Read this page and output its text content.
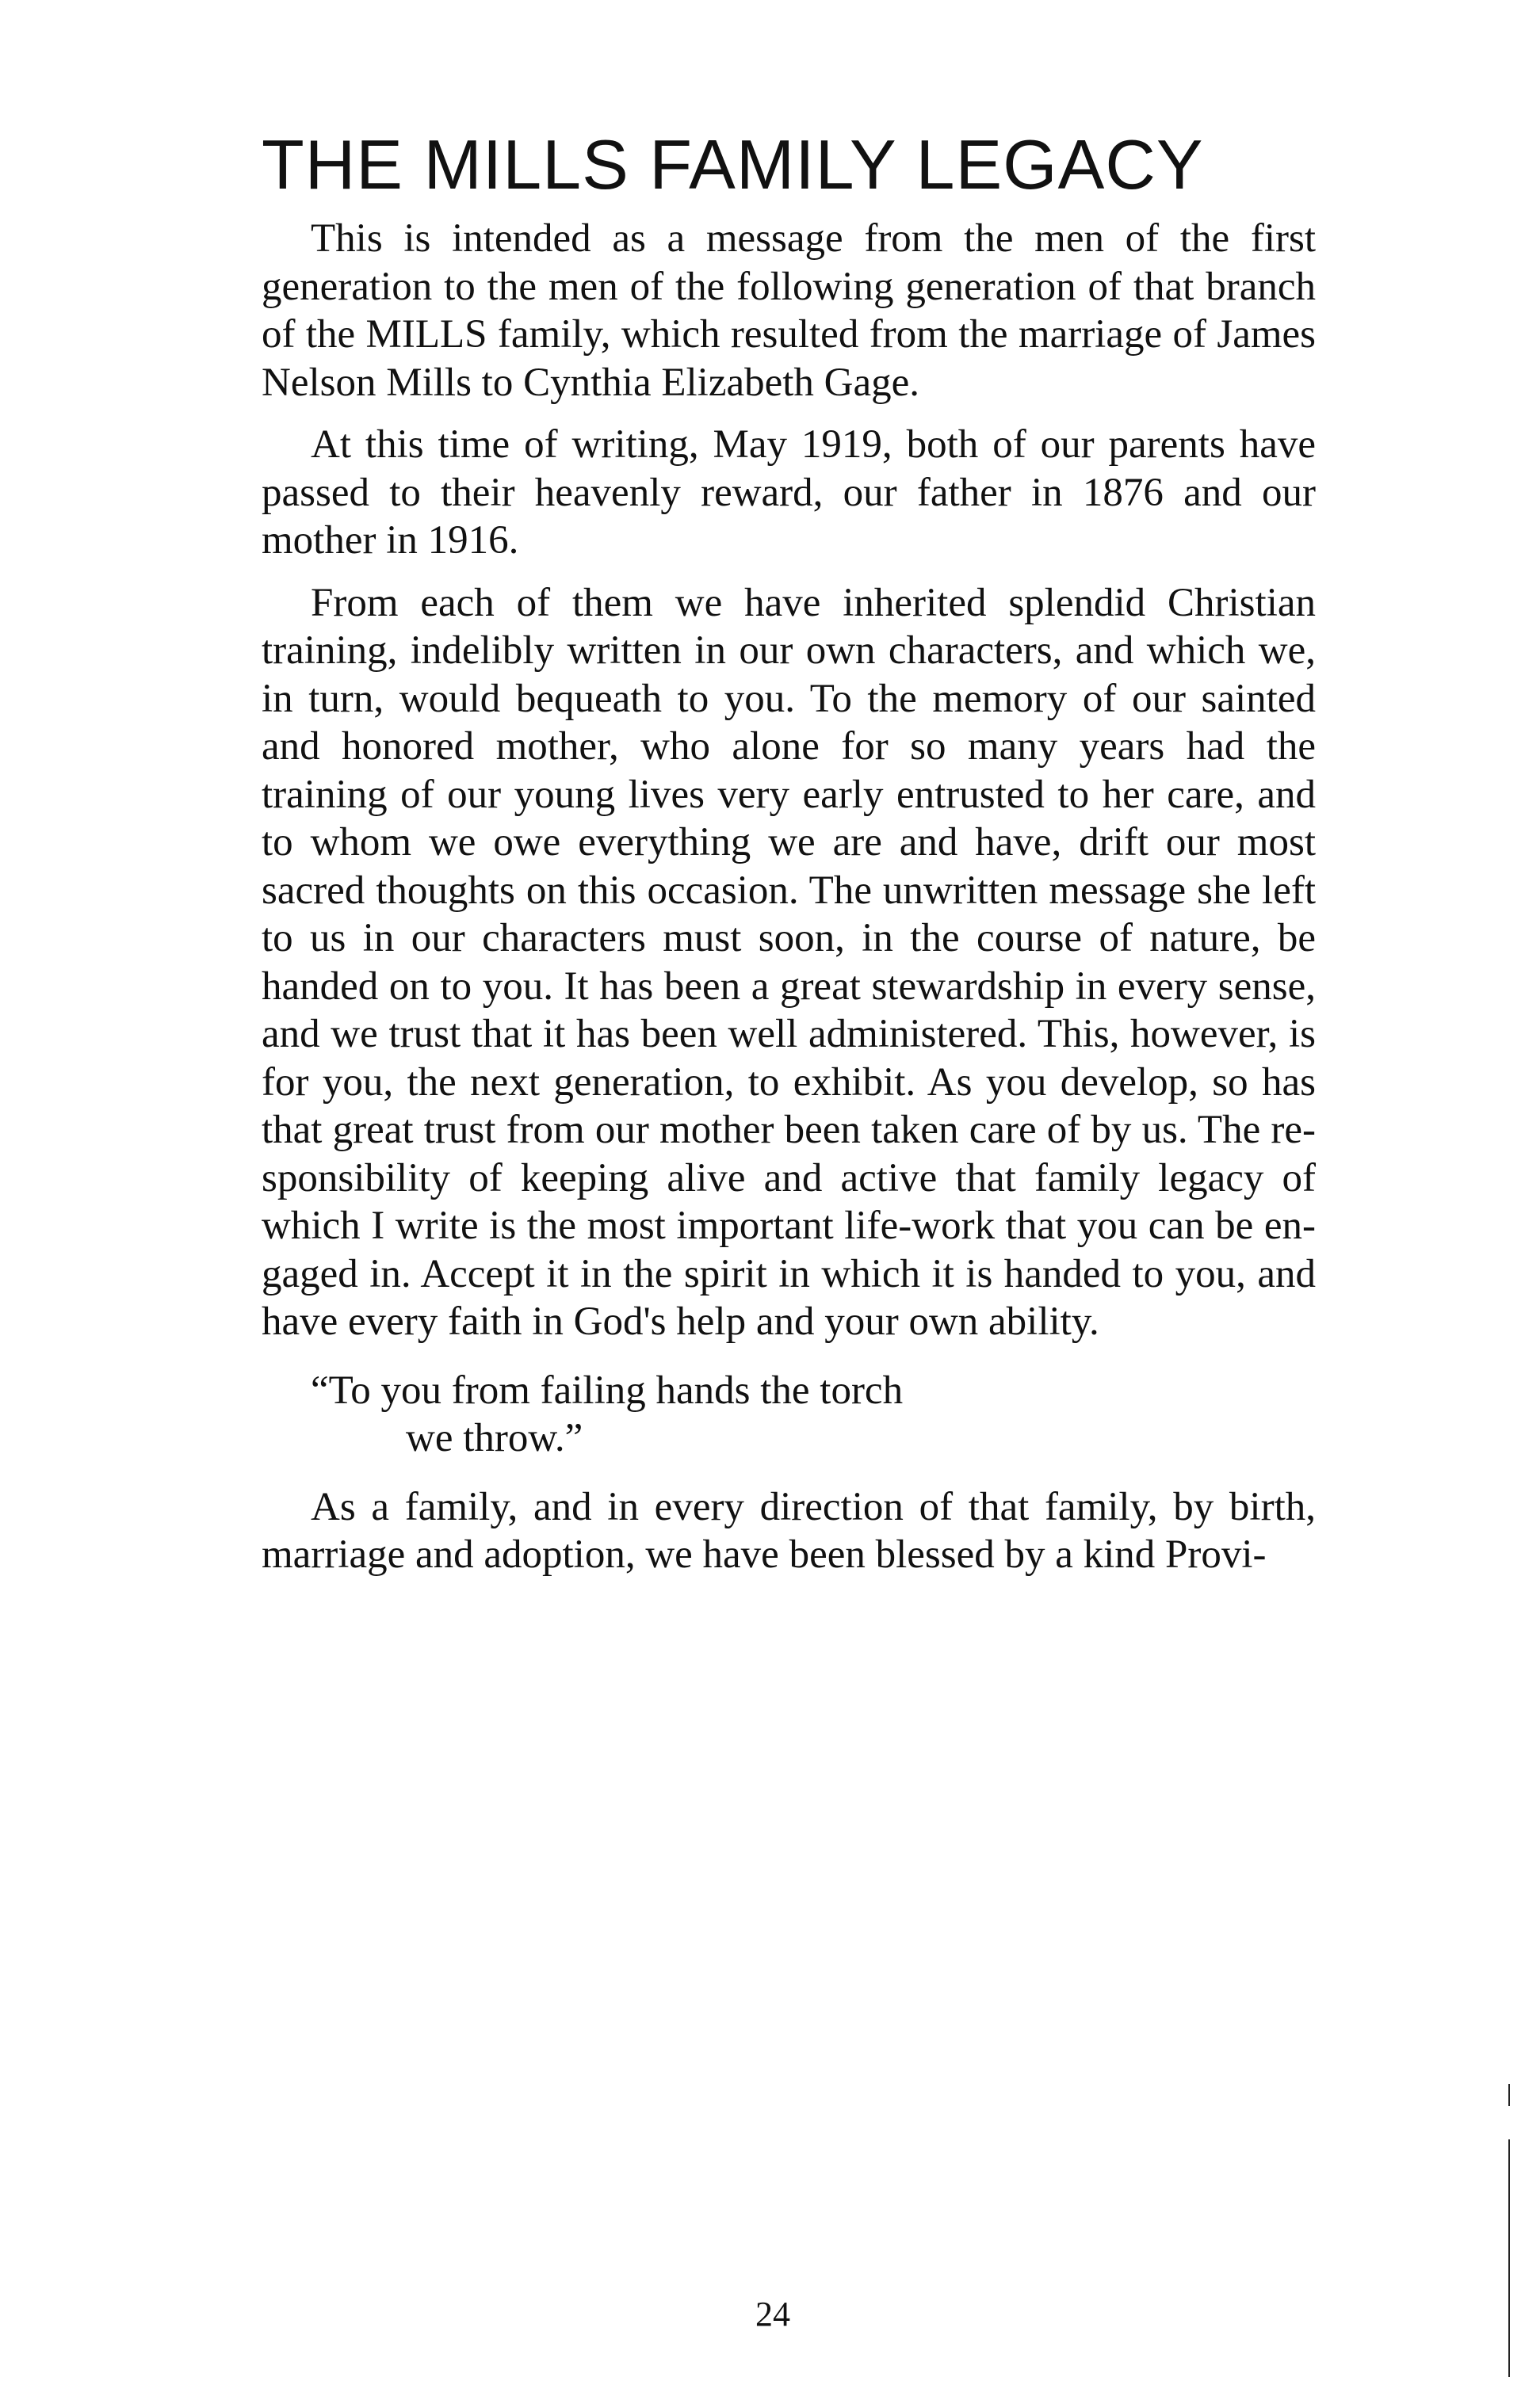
THE MILLS FAMILY LEGACY

This is intended as a message from the men of the first generation to the men of the following generation of that branch of the MILLS family, which resulted from the marriage of James Nelson Mills to Cynthia Elizabeth Gage.

At this time of writing, May 1919, both of our parents have passed to their heavenly reward, our father in 1876 and our mother in 1916.

From each of them we have inherited splendid Christian training, indelibly written in our own characters, and which we, in turn, would bequeath to you. To the memory of our sainted and honored mother, who alone for so many years had the training of our young lives very early entrusted to her care, and to whom we owe everything we are and have, drift our most sacred thoughts on this occasion. The unwritten message she left to us in our characters must soon, in the course of nature, be handed on to you. It has been a great stewardship in every sense, and we trust that it has been well administered. This, however, is for you, the next generation, to exhibit. As you develop, so has that great trust from our mother been taken care of by us. The responsibility of keeping alive and active that family legacy of which I write is the most important life-work that you can be engaged in. Accept it in the spirit in which it is handed to you, and have every faith in God's help and your own ability.

“To you from failing hands the torch
we throw.”

As a family, and in every direction of that family, by birth, marriage and adoption, we have been blessed by a kind Provi-

24
